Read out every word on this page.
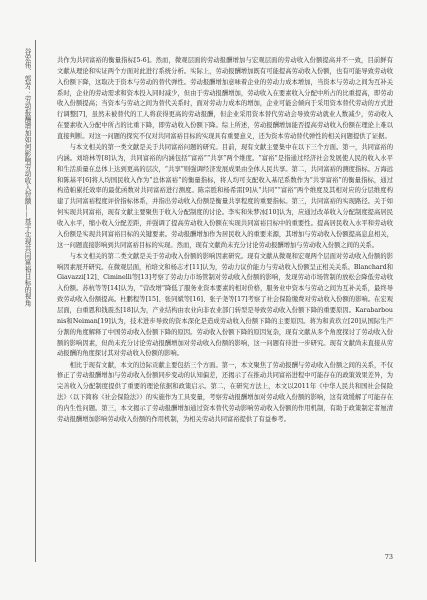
谷宏伟、郭芳：劳动报酬增加如何影响劳动收入份额——基于实现共同富裕目标的视角	共作为共同富裕的衡量指标[5-6]。然而，微观层面的劳动报酬增加与宏观层面的劳动收入份额提高并不一致，目前鲜有文献从理论和实证两个方面对此进行系统分析。实际上，劳动报酬增加既有可能提高劳动收入份额，也有可能导致劳动收入份额下降，这取决于资本与劳动的替代弹性。劳动报酬增加意味着企业的劳动力成本增加，当资本与劳动之间为互补关系时，企业的劳动需求和资本投入同时减少，但由于劳动报酬增加，劳动收入在要素收入分配中所占的比重提高，即劳动收入份额提高；当资本与劳动之间为替代关系时，面对劳动力成本的增加，企业可能会倾向于采用资本替代劳动的方式进行调整[7]，虽然未被替代的工人将获得更高的劳动报酬，但企业采用资本替代劳动会导致劳动就业人数减少，劳动收入在要素收入分配中所占的比重下降，即劳动收入份额下降。综上所述，劳动报酬增加能否提高劳动收入份额在理论上难以直接判断。对这一问题的探究不仅对共同富裕目标的实现具有重要意义，还为资本劳动替代弹性的相关问题提供了证据。

与本文相关的第一类文献是关于共同富裕问题的研究。目前，现有文献主要集中在以下三个方面。第一，共同富裕的内涵。刘培林等[8]认为，共同富裕的内涵包括“富裕”“共享”两个维度。“富裕”是指通过经济社会发展使人民的收入水平和生活质量在总体上达到更高的层次，“共享”则强调经济发展成果由全体人民共享。第二，共同富裕的测度指标。万海远和陈基平[6]将人均国民收入作为“总体富裕”的衡量指标，将人均可支配收入基尼系数作为“共享富裕”的衡量指标，通过构造帕累托效率的最优函数对共同富裕进行测度。陈宗胜和杨希雷[9]从“共同”“富裕”两个维度及其相对应的分层维度构建了共同富裕程度评价指标体系，并指出劳动收入份额是衡量共享程度的重要指标。第三，共同富裕的实现路径。关于如何实现共同富裕，现有文献主要聚焦于收入分配制度的讨论。李实和朱梦冰[10]认为，应通过改革收入分配制度提高居民收入水平，缩小收入分配差距，并强调了提高劳动收入份额在实现共同富裕目标中的重要性。提高居民收入水平和劳动收入份额是实现共同富裕目标的关键要素。劳动报酬增加作为居民收入的重要来源，其增加与劳动收入份额提高息息相关，这一问题直接影响到共同富裕目标的实现。然而，现有文献尚未充分讨论劳动报酬增加与劳动收入份额之间的关系。

与本文相关的第二类文献是关于劳动收入份额的影响因素研究。现有文献从微观和宏观两个层面对劳动收入份额的影响因素展开研究。在微观层面，柏培文和杨志才[11]认为，劳动力议价能力与劳动收入份额呈正相关关系。Blanchard和Giavazzi[12]、Ciminelli等[13]考察了劳动力市场管制对劳动收入份额的影响，发现劳动市场管制的放松会降低劳动收入份额。苏杭等等[14]认为，“营改增”降低了服务业资本要素的相对价格，服务业中资本与劳动之间为互补关系，最终导致劳动收入份额提高。杜鹏程等[15]、张同斌等[16]、张子尧等[17]考察了社会保险缴费对劳动收入份额的影响。在宏观层面，白重恩和钱震杰[18]认为，产业结构由农业向非农业部门转型是导致劳动收入份额下降的重要原因。Karabarbounis和Neiman[19]认为，技术进步导致的资本深化是造成劳动收入份额下降的主要原因。蒋为和黄玖立[20]从国际生产分割的角度解释了中国劳动收入份额下降的原因。劳动收入份额下降的原因复杂，现有文献从多个角度探讨了劳动收入份额的影响因素，但尚未充分讨论劳动报酬增加对劳动收入份额的影响，这一问题有待进一步研究。现有文献尚未直接从劳动报酬的角度探讨其对劳动收入份额的影响。

相比于现有文献，本文的边际贡献主要包括三个方面。第一，本文聚焦了劳动报酬与劳动收入份额之间的关系，不仅修正了劳动报酬增加与劳动收入份额同步变动的认知偏差，还揭示了在推动共同富裕进程中可能存在的政策效果差异，为完善收入分配制度提供了重要的理论依据和政策启示。第二，在研究方法上，本文以2011年《中华人民共和国社会保险法》（以下简称《社会保险法》）的实施作为工具变量，考察劳动报酬增加对劳动收入份额的影响，这有效缓解了可能存在的内生性问题。第三，本文揭示了劳动报酬增加通过资本替代劳动影响劳动收入份额的作用机制，有助于政策制定者厘清劳动报酬增加影响劳动收入份额的作用机制，为相关劳动共同富裕提供了有益参考。

73
